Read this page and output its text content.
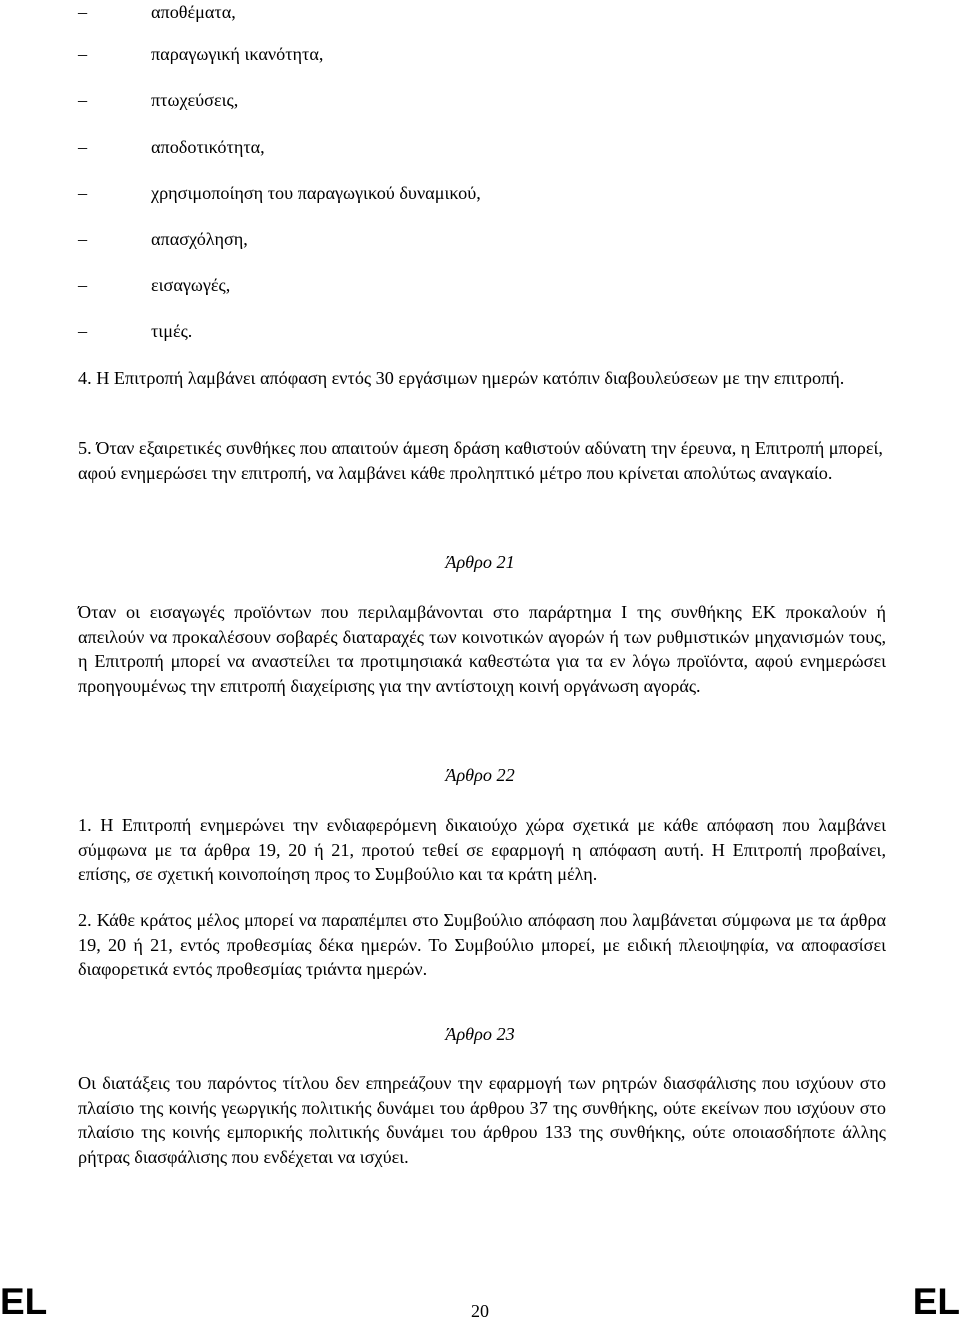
–	αποθέματα,
–	παραγωγική ικανότητα,
–	πτωχεύσεις,
–	αποδοτικότητα,
–	χρησιμοποίηση του παραγωγικού δυναμικού,
–	απασχόληση,
–	εισαγωγές,
–	τιμές.
4. Η Επιτροπή λαμβάνει απόφαση εντός 30 εργάσιμων ημερών κατόπιν διαβουλεύσεων με την επιτροπή.
5. Όταν εξαιρετικές συνθήκες που απαιτούν άμεση δράση καθιστούν αδύνατη την έρευνα, η Επιτροπή μπορεί, αφού ενημερώσει την επιτροπή, να λαμβάνει κάθε προληπτικό μέτρο που κρίνεται απολύτως αναγκαίο.
Άρθρο 21
Όταν οι εισαγωγές προϊόντων που περιλαμβάνονται στο παράρτημα Ι της συνθήκης ΕΚ προκαλούν ή απειλούν να προκαλέσουν σοβαρές διαταραχές των κοινοτικών αγορών ή των ρυθμιστικών μηχανισμών τους, η Επιτροπή μπορεί να αναστείλει τα προτιμησιακά καθεστώτα για τα εν λόγω προϊόντα, αφού ενημερώσει προηγουμένως την επιτροπή διαχείρισης για την αντίστοιχη κοινή οργάνωση αγοράς.
Άρθρο 22
1. Η Επιτροπή ενημερώνει την ενδιαφερόμενη δικαιούχο χώρα σχετικά με κάθε απόφαση που λαμβάνει σύμφωνα με τα άρθρα 19, 20 ή 21, προτού τεθεί σε εφαρμογή η απόφαση αυτή. Η Επιτροπή προβαίνει, επίσης, σε σχετική κοινοποίηση προς το Συμβούλιο και τα κράτη μέλη.
2. Κάθε κράτος μέλος μπορεί να παραπέμπει στο Συμβούλιο απόφαση που λαμβάνεται σύμφωνα με τα άρθρα 19, 20 ή 21, εντός προθεσμίας δέκα ημερών. Το Συμβούλιο μπορεί, με ειδική πλειοψηφία, να αποφασίσει διαφορετικά εντός προθεσμίας τριάντα ημερών.
Άρθρο 23
Οι διατάξεις του παρόντος τίτλου δεν επηρεάζουν την εφαρμογή των ρητρών διασφάλισης που ισχύουν στο πλαίσιο της κοινής γεωργικής πολιτικής δυνάμει του άρθρου 37 της συνθήκης, ούτε εκείνων που ισχύουν στο πλαίσιο της κοινής εμπορικής πολιτικής δυνάμει του άρθρου 133 της συνθήκης, ούτε οποιασδήποτε άλλης ρήτρας διασφάλισης που ενδέχεται να ισχύει.
EL	20	EL
